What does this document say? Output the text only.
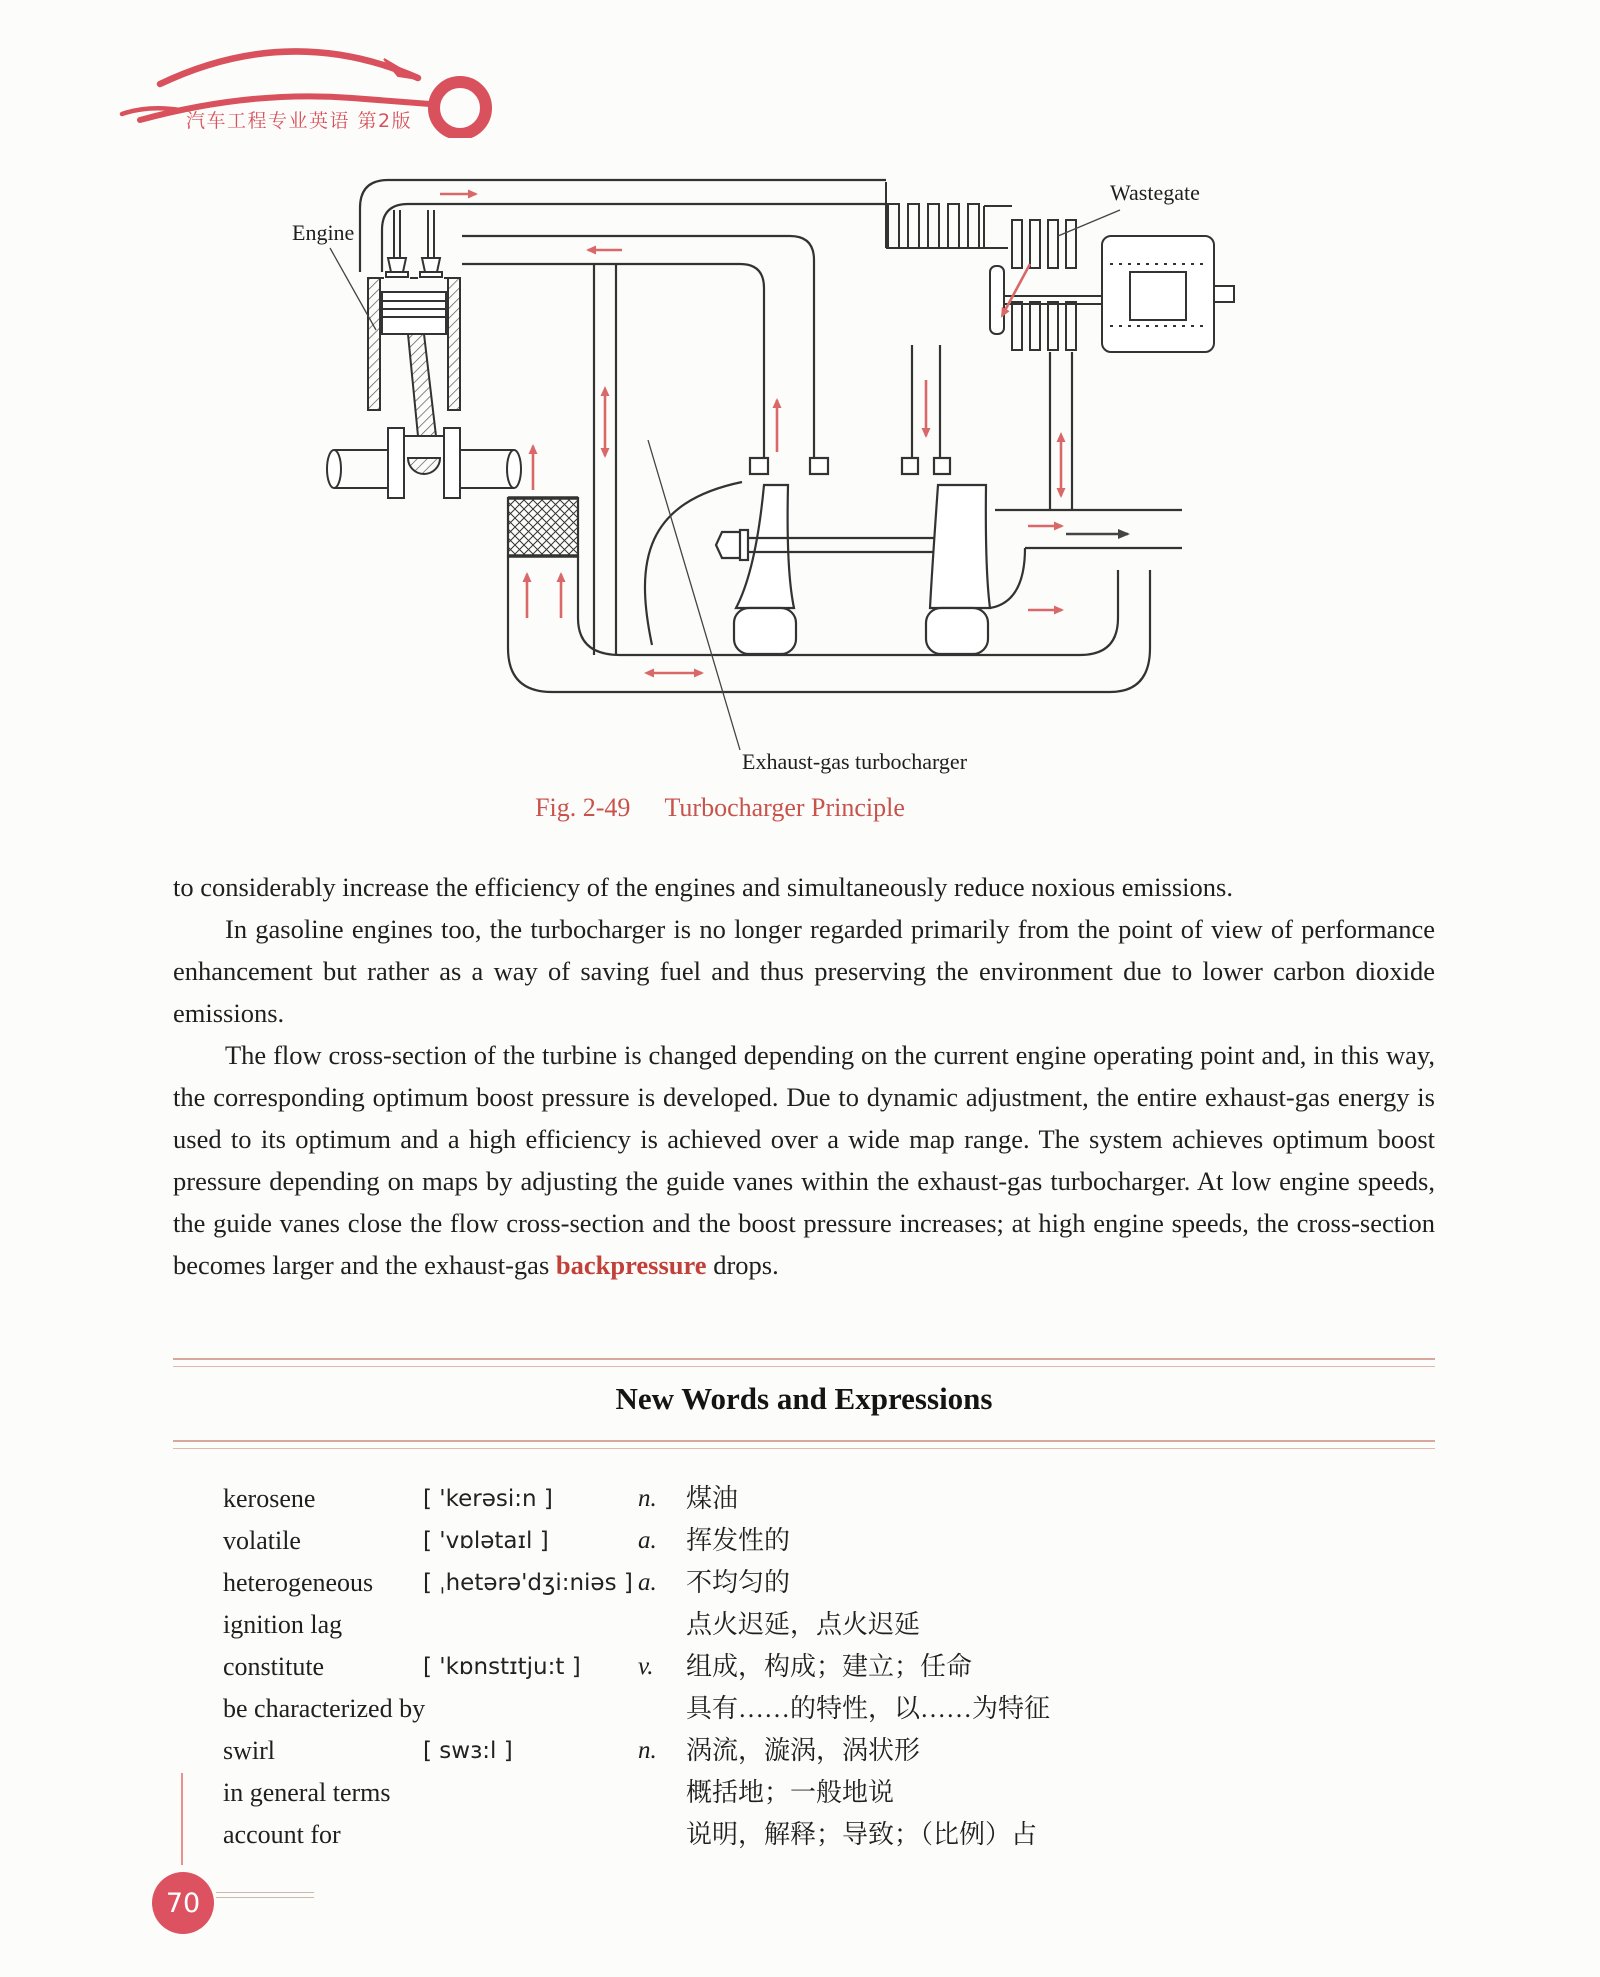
汽车工程专业英语 第2版
Engine
Wastegate
Exhaust-gas turbocharger
Fig. 2-49 Turbocharger Principle

to considerably increase the efficiency of the engines and simultaneously reduce noxious emissions.

In gasoline engines too, the turbocharger is no longer regarded primarily from the point of view of performance enhancement but rather as a way of saving fuel and thus preserving the environment due to lower carbon dioxide emissions.

The flow cross-section of the turbine is changed depending on the current engine operating point and, in this way, the corresponding optimum boost pressure is developed. Due to dynamic adjustment, the entire exhaust-gas energy is used to its optimum and a high efficiency is achieved over a wide map range. The system achieves optimum boost pressure depending on maps by adjusting the guide vanes within the exhaust-gas turbocharger. At low engine speeds, the guide vanes close the flow cross-section and the boost pressure increases; at high engine speeds, the cross-section becomes larger and the exhaust-gas backpressure drops.

New Words and Expressions
kerosene	[ 'kerəsi:n ]	n.	煤油
volatile	[ 'vɒlətaɪl ]	a.	挥发性的
heterogeneous	[ ˌhetərə'dʒi:niəs ] a.	不均匀的
ignition lag	点火迟延，点火迟延
constitute	[ 'kɒnstɪtju:t ]	v.	组成，构成；建立；任命
be characterized by	具有……的特性，以……为特征
swirl	[ swɜ:l ]	n.	涡流，漩涡，涡状形
in general terms	概括地；一般地说
account for	说明，解释；导致；（比例）占
70
